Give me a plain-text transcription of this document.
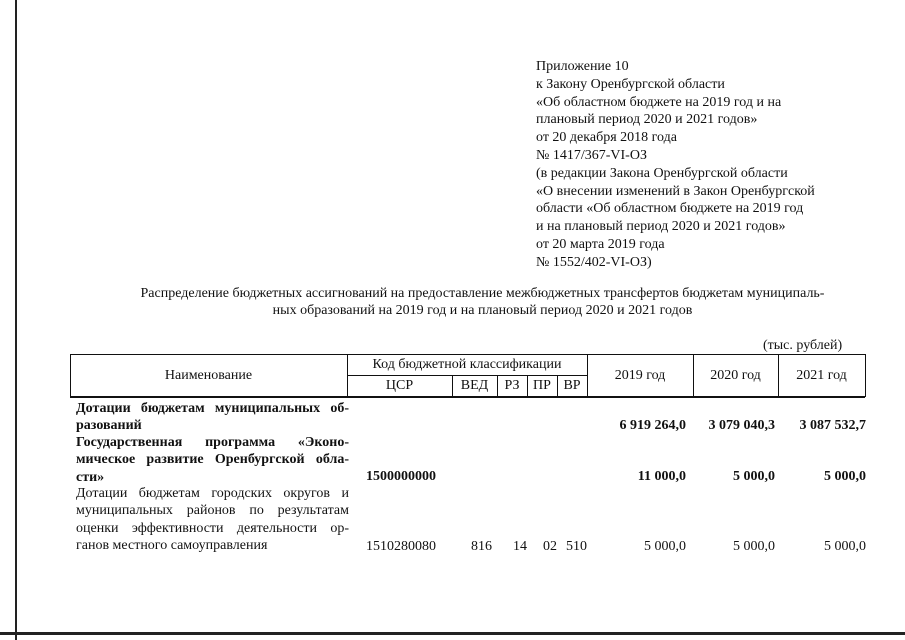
Приложение 10
к Закону Оренбургской области
«Об областном бюджете на 2019 год и на
плановый период 2020 и 2021 годов»
от 20 декабря 2018 года
№ 1417/367-VI-ОЗ
(в редакции Закона Оренбургской области
«О внесении изменений в Закон Оренбургской
области «Об областном бюджете на 2019 год
и на плановый период 2020 и 2021 годов»
от 20 марта 2019 года
№ 1552/402-VI-ОЗ)
Распределение бюджетных ассигнований на предоставление межбюджетных трансфертов бюджетам муниципаль-
ных образований на 2019 год и на плановый период 2020 и 2021 годов
(тыс. рублей)
Наименование
Код бюджетной классификации
ЦСР	ВЕД	РЗ ПР ВР
2019 год	2020 год	2021 год
Дотации бюджетам муниципальных об-
разований	6 919 264,0	3 079 040,3	3 087 532,7
Государственная программа «Эконо-
мическое развитие Оренбургской обла-
сти»	1500000000	11 000,0	5 000,0	5 000,0
Дотации бюджетам городских округов и
муниципальных районов по результатам
оценки эффективности деятельности ор-
ганов местного самоуправления	1510280080	816	14	02 510	5 000,0	5 000,0	5 000,0
